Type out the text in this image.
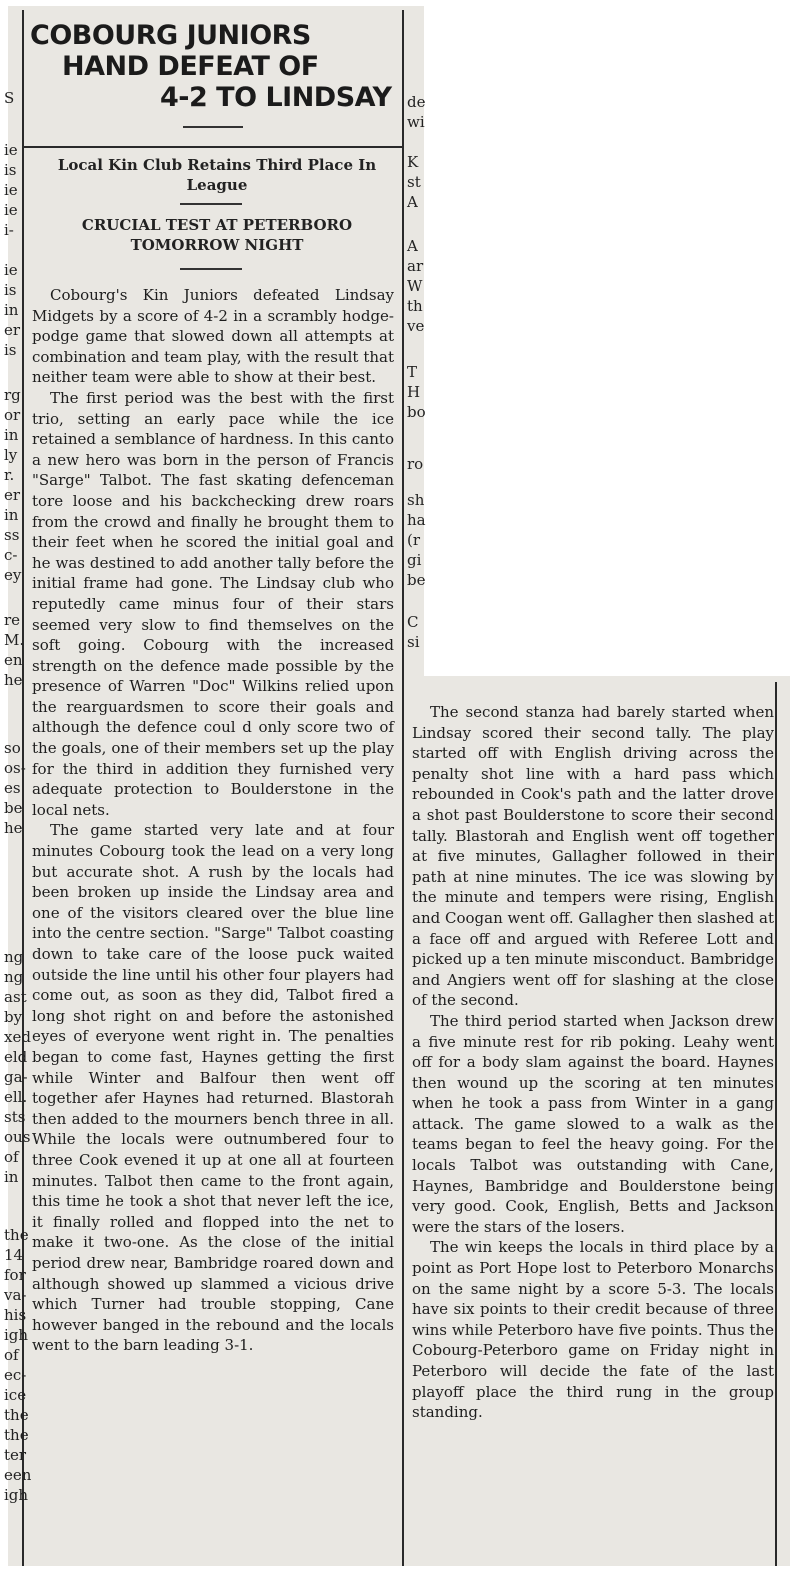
S
ie
is
ie
ie
i-
ie
is
in
er
is
rg
or
in
ly
r.
er
in
ss
c-
ey
re
M.
en
he
so
os-
es
be
he
ng
ng
ast
by
xed
eld
ga-
ell.
sts
ous
of
in
the
14
for
va-
his
igh
of
ec-
ice
the
the
ter
een
igh
dе
wi
K
st
A
A
ar
W
th
ve
T
H
bo
ro
sh
ha
(r
gi
be
C
si
COBOURG JUNIORS
HAND DEFEAT OF
4-2 TO LINDSAY
Local Kin Club Retains Third Place In League
CRUCIAL TEST AT PETERBORO TOMORROW NIGHT

Cobourg's Kin Juniors defeated Lindsay Midgets by a score of 4-2 in a scrambly hodge-podge game that slowed down all attempts at combination and team play, with the result that neither team were able to show at their best.

The first period was the best with the first trio, setting an early pace while the ice retained a semblance of hardness. In this canto a new hero was born in the person of Francis "Sarge" Talbot. The fast skating defenceman tore loose and his backchecking drew roars from the crowd and finally he brought them to their feet when he scored the initial goal and he was destined to add another tally before the initial frame had gone. The Lindsay club who reputedly came minus four of their stars seemed very slow to find themselves on the soft going. Cobourg with the increased strength on the defence made possible by the presence of Warren "Doc" Wilkins relied upon the rearguardsmen to score their goals and although the defence coul d only score two of the goals, one of their members set up the play for the third in addition they furnished very adequate protection to Boulderstone in the local nets.

The game started very late and at four minutes Cobourg took the lead on a very long but accurate shot. A rush by the locals had been broken up inside the Lindsay area and one of the visitors cleared over the blue line into the centre section. "Sarge" Talbot coasting down to take care of the loose puck waited outside the line until his other four players had come out, as soon as they did, Talbot fired a long shot right on and before the astonished eyes of everyone went right in. The penalties began to come fast, Haynes getting the first while Winter and Balfour then went off together afer Haynes had returned. Blastorah then added to the mourners bench three in all. While the locals were outnumbered four to three Cook evened it up at one all at fourteen minutes. Talbot then came to the front again, this time he took a shot that never left the ice, it finally rolled and flopped into the net to make it two-one. As the close of the initial period drew near, Bambridge roared down and although showed up slammed a vicious drive which Turner had trouble stopping, Cane however banged in the rebound and the locals went to the barn leading 3-1.

The second stanza had barely started when Lindsay scored their second tally. The play started off with English driving across the penalty shot line with a hard pass which rebounded in Cook's path and the latter drove a shot past Boulderstone to score their second tally. Blastorah and English went off together at five minutes, Gallagher followed in their path at nine minutes. The ice was slowing by the minute and tempers were rising, English and Coogan went off. Gallagher then slashed at a face off and argued with Referee Lott and picked up a ten minute misconduct. Bambridge and Angiers went off for slashing at the close of the second.

The third period started when Jackson drew a five minute rest for rib poking. Leahy went off for a body slam against the board. Haynes then wound up the scoring at ten minutes when he took a pass from Winter in a gang attack. The game slowed to a walk as the teams began to feel the heavy going. For the locals Talbot was outstanding with Cane, Haynes, Bambridge and Boulderstone being very good. Cook, English, Betts and Jackson were the stars of the losers.

The win keeps the locals in third place by a point as Port Hope lost to Peterboro Monarchs on the same night by a score 5-3. The locals have six points to their credit because of three wins while Peterboro have five points. Thus the Cobourg-Peterboro game on Friday night in Peterboro will decide the fate of the last playoff place the third rung in the group standing.
